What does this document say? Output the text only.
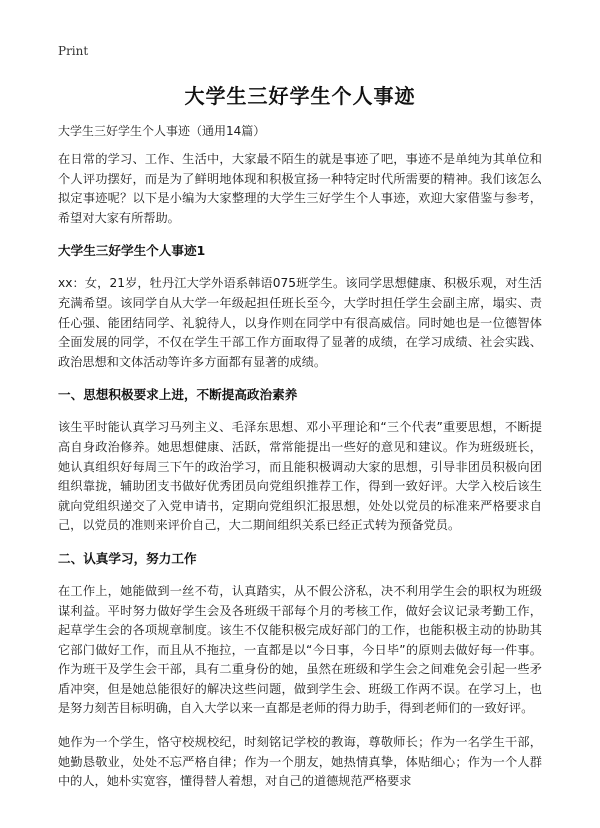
Print
大学生三好学生个人事迹
大学生三好学生个人事迹（通用14篇）

在日常的学习、工作、生活中，大家最不陌生的就是事迹了吧，事迹不是单纯为其单位和个人评功摆好，而是为了鲜明地体现和积极宣扬一种特定时代所需要的精神。我们该怎么拟定事迹呢？以下是小编为大家整理的大学生三好学生个人事迹，欢迎大家借鉴与参考，希望对大家有所帮助。

大学生三好学生个人事迹1

xx：女，21岁，牡丹江大学外语系韩语075班学生。该同学思想健康、积极乐观，对生活充满希望。该同学自从大学一年级起担任班长至今，大学时担任学生会副主席，塌实、责任心强、能团结同学、礼貌待人，以身作则在同学中有很高威信。同时她也是一位德智体全面发展的同学，不仅在学生干部工作方面取得了显著的成绩，在学习成绩、社会实践、政治思想和文体活动等许多方面都有显著的成绩。

一、思想积极要求上进，不断提高政治素养

该生平时能认真学习马列主义、毛泽东思想、邓小平理论和“三个代表”重要思想，不断提高自身政治修养。她思想健康、活跃，常常能提出一些好的意见和建议。作为班级班长，她认真组织好每周三下午的政治学习，而且能积极调动大家的思想，引导非团员积极向团组织靠拢，辅助团支书做好优秀团员向党组织推荐工作，得到一致好评。大学入校后该生就向党组织递交了入党申请书，定期向党组织汇报思想，处处以党员的标准来严格要求自己，以党员的准则来评价自己，大二期间组织关系已经正式转为预备党员。

二、认真学习，努力工作

在工作上，她能做到一丝不苟，认真踏实，从不假公济私，决不利用学生会的职权为班级谋利益。平时努力做好学生会及各班级干部每个月的考核工作，做好会议记录考勤工作，起草学生会的各项规章制度。该生不仅能积极完成好部门的工作，也能积极主动的协助其它部门做好工作，而且从不拖拉，一直都是以“今日事，今日毕”的原则去做好每一件事。作为班干及学生会干部，具有二重身份的她，虽然在班级和学生会之间难免会引起一些矛盾冲突，但是她总能很好的解决这些问题，做到学生会、班级工作两不误。在学习上，也是努力刻苦目标明确，自入大学以来一直都是老师的得力助手，得到老师们的一致好评。

她作为一个学生，恪守校规校纪，时刻铭记学校的教诲，尊敬师长；作为一名学生干部，她勤恳敬业，处处不忘严格自律；作为一个朋友，她热情真挚，体贴细心；作为一个人群中的人，她朴实宽容，懂得替人着想，对自己的道德规范严格要求
